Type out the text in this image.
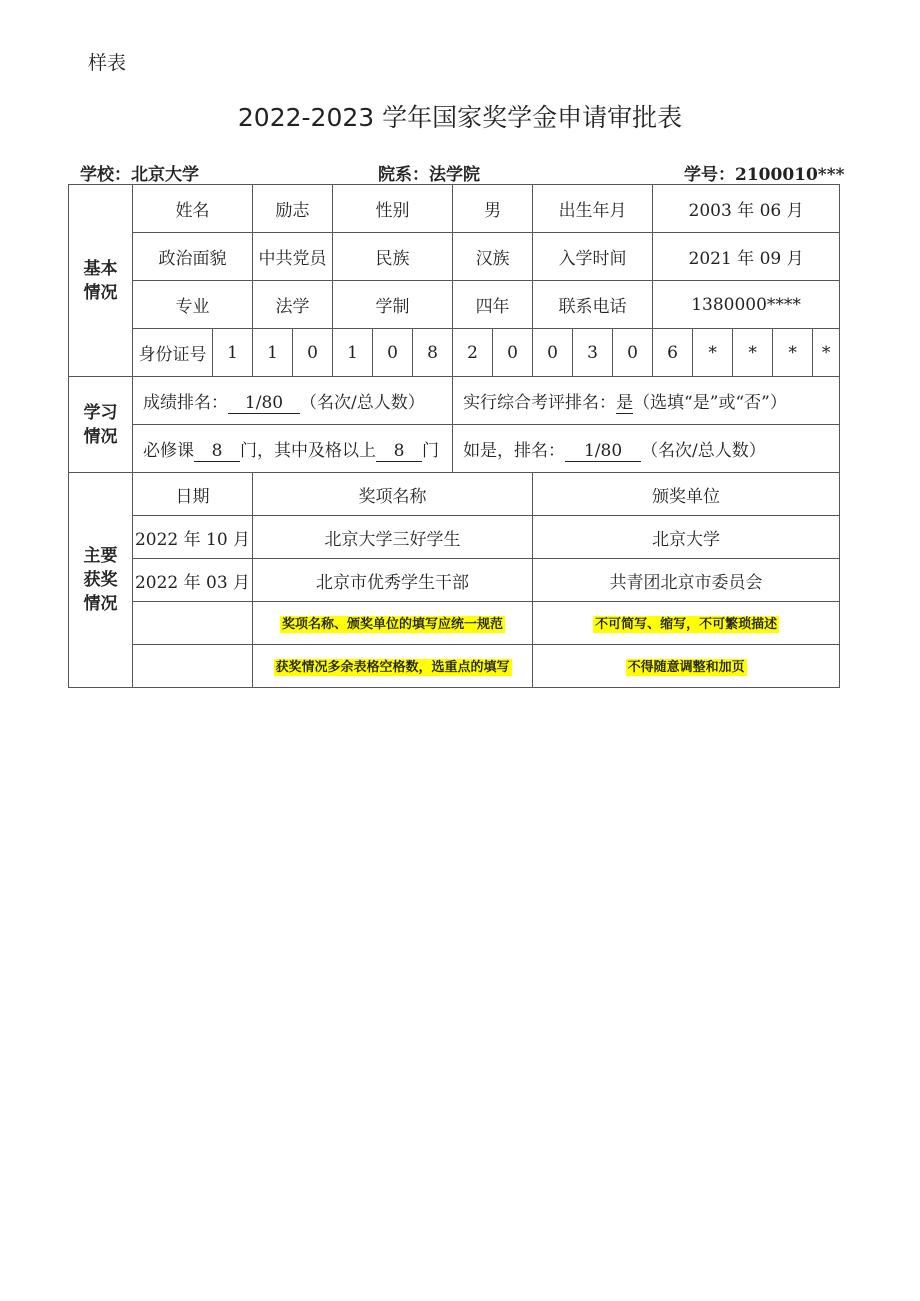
样表
2022-2023 学年国家奖学金申请审批表
学校：北京大学	院系：法学院	学号：2100010***
基本
情况	姓名		励志		性别			男		出生年月			2003 年 06 月					
	政治面貌		中共党员		民族			汉族		入学时间			2021 年 09 月					
	专业		法学		学制			四年		联系电话			1380000****					
	身份证号	1	1	0	1	0	8	2	0	0	3	0	6	*	*	*	*		
学习
情况	成绩排名： 1/80 （名次/总人数）							实行综合考评排名：是（选填“是”或“否”）										
	必修课 8 门，其中及格以上 8 门							如是，排名： 1/80 （名次/总人数）										
主要
获奖
情况	日期		奖项名称							颁奖单位								
	2022 年 10 月		北京大学三好学生							北京大学								
	2022 年 03 月		北京市优秀学生干部							共青团北京市委员会								
			奖项名称、颁奖单位的填写应统一规范							不可简写、缩写，不可繁琐描述								
			获奖情况多余表格空格数，选重点的填写							不得随意调整和加页								
